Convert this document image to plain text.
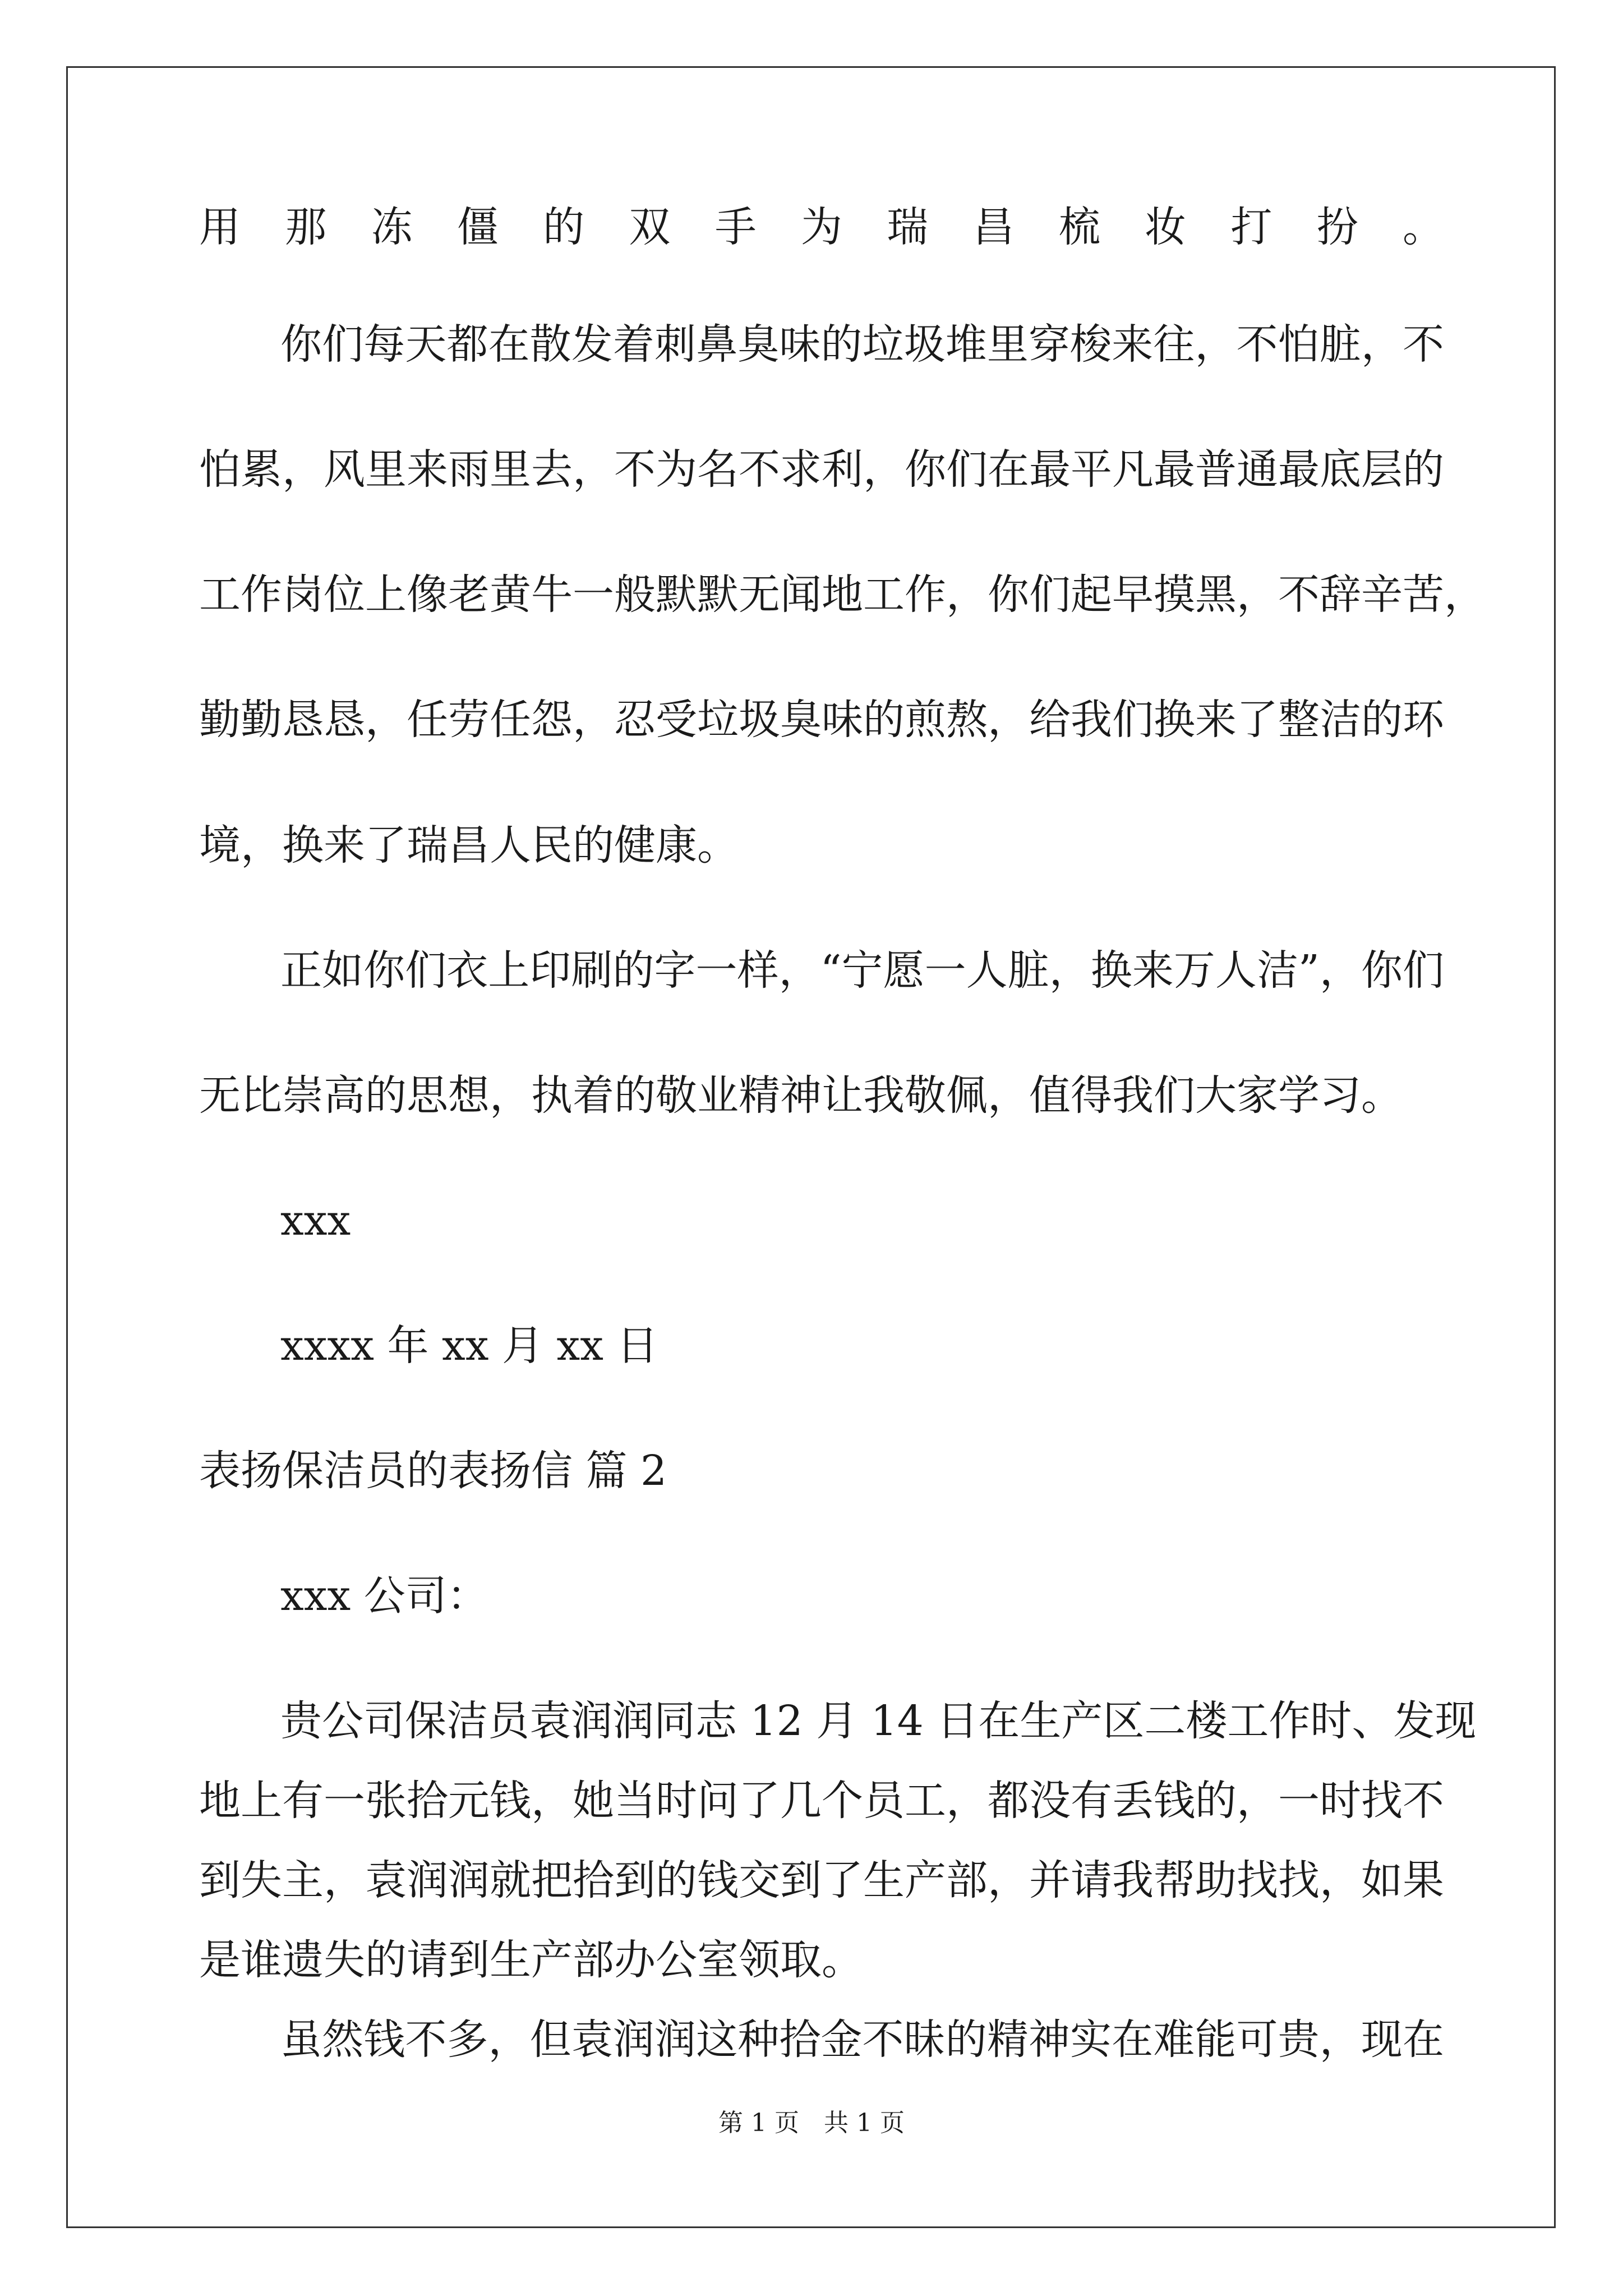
用那冻僵的双手为瑞昌梳妆打扮。
你们每天都在散发着刺鼻臭味的垃圾堆里穿梭来往，不怕脏，不
怕累，风里来雨里去，不为名不求利，你们在最平凡最普通最底层的
工作岗位上像老黄牛一般默默无闻地工作，你们起早摸黑，不辞辛苦，
勤勤恳恳，任劳任怨，忍受垃圾臭味的煎熬，给我们换来了整洁的环
境，换来了瑞昌人民的健康。
正如你们衣上印刷的字一样，“宁愿一人脏，换来万人洁”，你们
无比崇高的思想，执着的敬业精神让我敬佩，值得我们大家学习。
xxx
xxxx 年 xx 月 xx 日
表扬保洁员的表扬信 篇 2
xxx 公司：
贵公司保洁员袁润润同志 12 月 14 日在生产区二楼工作时、发现
地上有一张拾元钱，她当时问了几个员工，都没有丢钱的，一时找不
到失主，袁润润就把拾到的钱交到了生产部，并请我帮助找找，如果
是谁遗失的请到生产部办公室领取。
虽然钱不多，但袁润润这种拾金不昧的精神实在难能可贵，现在
第 1 页　共 1 页
